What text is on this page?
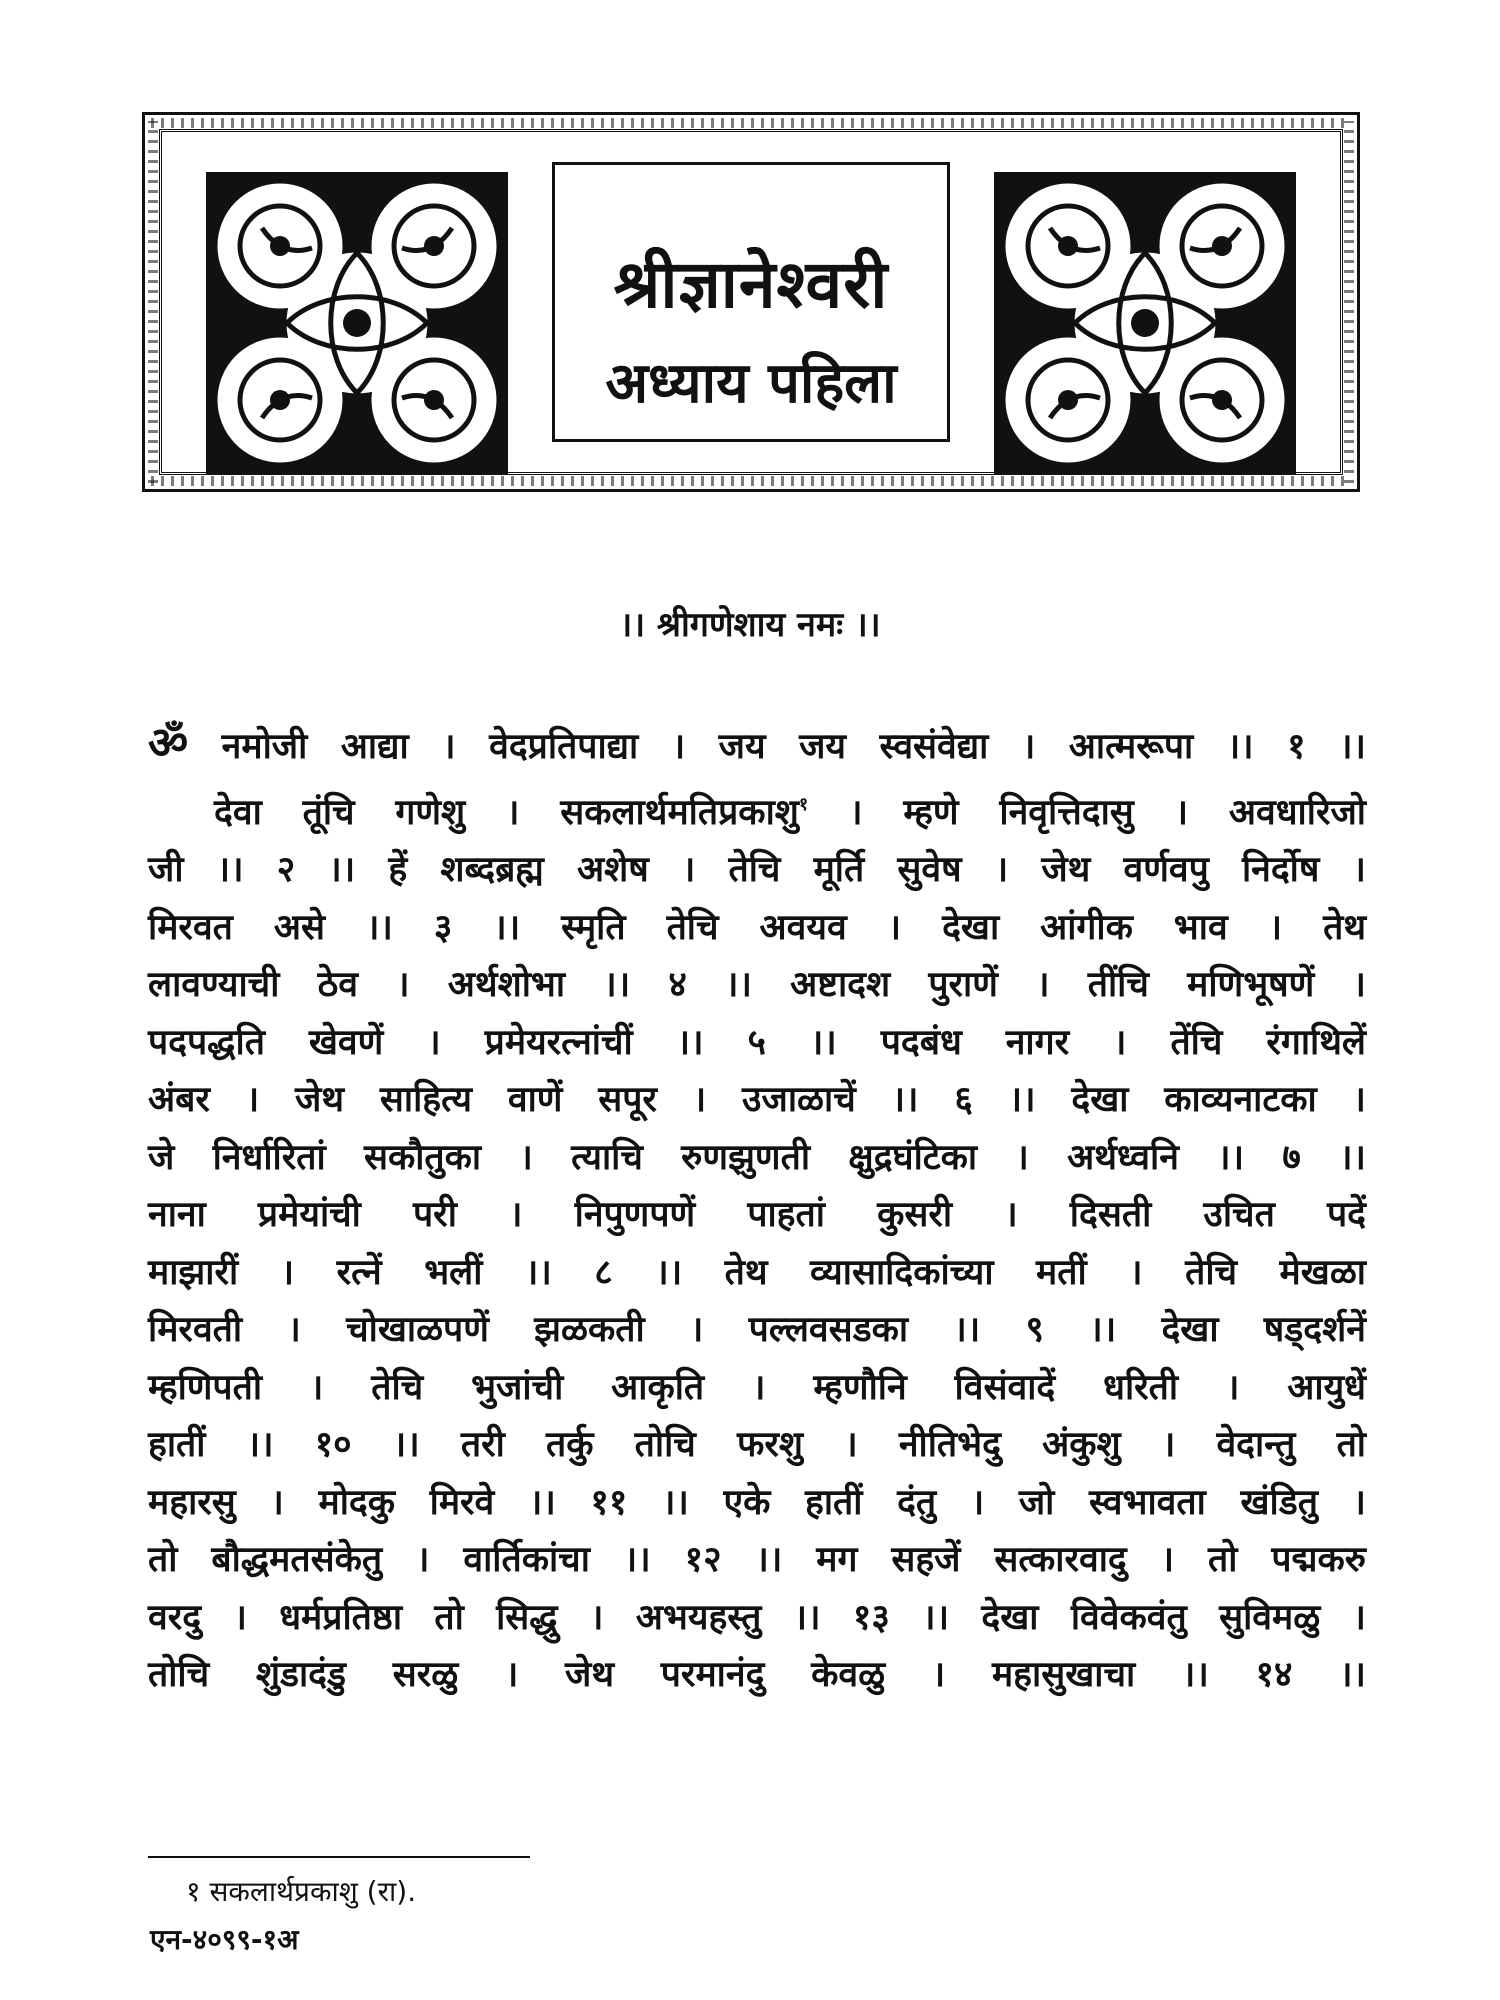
श्रीज्ञानेश्वरी
अध्याय पहिला
।। श्रीगणेशाय नमः ।।

ॐ नमोजी आद्या । वेदप्रतिपाद्या । जय जय स्वसंवेद्या । आत्मरूपा ।। १ ।।

देवा तूंचि गणेशु । सकलार्थमतिप्रकाशु$^१$ । म्हणे निवृत्तिदासु । अवधारिजो

जी ।। २ ।। हें शब्दब्रह्म अशेष । तेचि मूर्ति सुवेष । जेथ वर्णवपु निर्दोष ।

मिरवत असे ।। ३ ।। स्मृति तेचि अवयव । देखा आंगीक भाव । तेथ

लावण्याची ठेव । अर्थशोभा ।। ४ ।। अष्टादश पुराणें । तींचि मणिभूषणें ।

पदपद्धति खेवणें । प्रमेयरत्नांचीं ।। ५ ।। पदबंध नागर । तेंचि रंगाथिलें

अंबर । जेथ साहित्य वाणें सपूर । उजाळाचें ।। ६ ।। देखा काव्यनाटका ।

जे निर्धारितां सकौतुका । त्याचि रुणझुणती क्षुद्रघंटिका । अर्थध्वनि ।। ७ ।।

नाना प्रमेयांची परी । निपुणपणें पाहतां कुसरी । दिसती उचित पदें

माझारीं । रत्नें भलीं ।। ८ ।। तेथ व्यासादिकांच्या मतीं । तेचि मेखळा

मिरवती । चोखाळपणें झळकती । पल्लवसडका ।। ९ ।। देखा षड्दर्शनें

म्हणिपती । तेचि भुजांची आकृति । म्हणौनि विसंवादें धरिती । आयुधें

हातीं ।। १० ।। तरी तर्कु तोचि फरशु । नीतिभेदु अंकुशु । वेदान्तु तो

महारसु । मोदकु मिरवे ।। ११ ।। एके हातीं दंतु । जो स्वभावता खंडितु ।

तो बौद्धमतसंकेतु । वार्तिकांचा ।। १२ ।। मग सहजें सत्कारवादु । तो पद्मकरु

वरदु । धर्मप्रतिष्ठा तो सिद्धु । अभयहस्तु ।। १३ ।। देखा विवेकवंतु सुविमळु ।

तोचि शुंडादंडु सरळु । जेथ परमानंदु केवळु । महासुखाचा ।। १४ ।।

१ सकलार्थप्रकाशु (रा).
एन-४०९९-१अ
